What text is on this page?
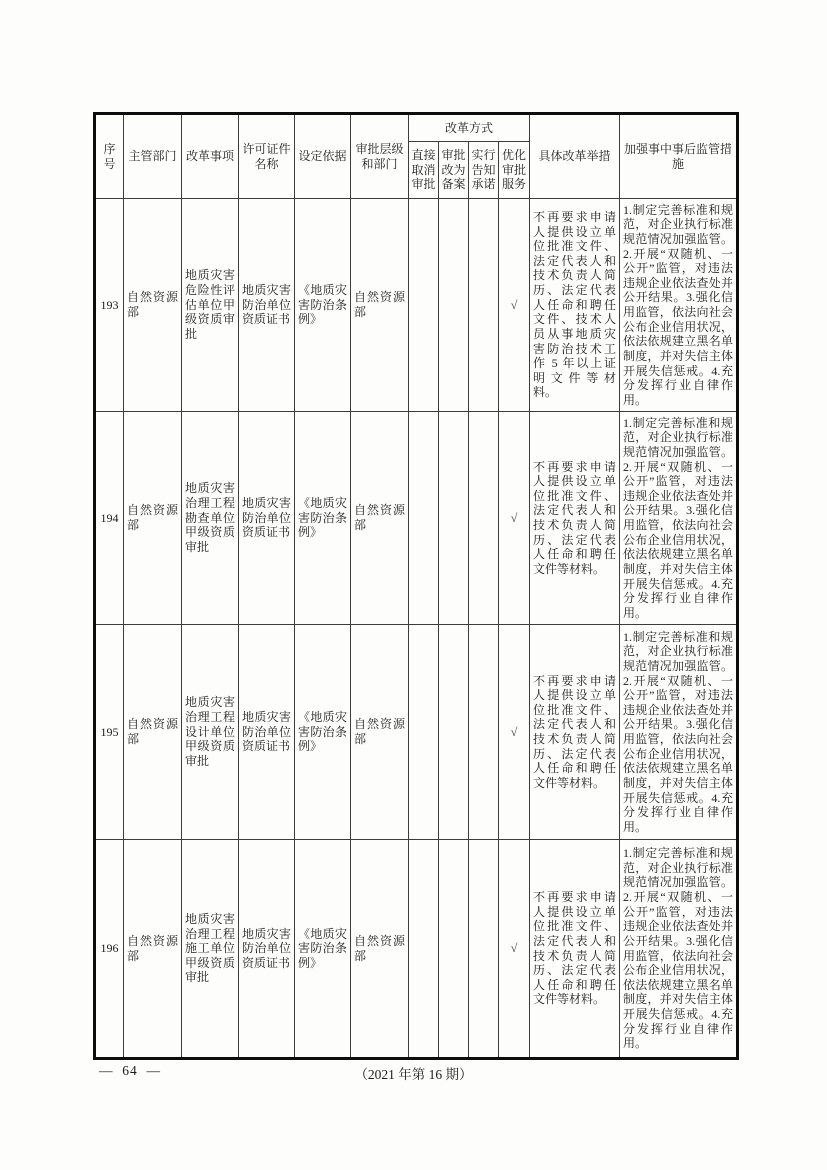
序号	主管部门	改革事项	许可证件名称	设定依据	审批层级和部门	改革方式				具体改革举措	加强事中事后监管措施
						直接取消审批	审批改为备案	实行告知承诺	优化审批服务		
193	自然资源部	地质灾害危险性评估单位甲级资质审批	地质灾害防治单位资质证书	《地质灾害防治条例》	自然资源部				√	不再要求申请人提供设立单位批准文件、法定代表人和技术负责人简历、法定代表人任命和聘任文件、技术人员从事地质灾害防治技术工作 5 年以上证明文件等材料。	1.制定完善标准和规范，对企业执行标准规范情况加强监管。2.开展“双随机、一公开”监管，对违法违规企业依法查处并公开结果。3.强化信用监管，依法向社会公布企业信用状况，依法依规建立黑名单制度，并对失信主体开展失信惩戒。4.充分发挥行业自律作用。
194	自然资源部	地质灾害治理工程勘查单位甲级资质审批	地质灾害防治单位资质证书	《地质灾害防治条例》	自然资源部				√	不再要求申请人提供设立单位批准文件、法定代表人和技术负责人简历、法定代表人任命和聘任文件等材料。	1.制定完善标准和规范，对企业执行标准规范情况加强监管。2.开展“双随机、一公开”监管，对违法违规企业依法查处并公开结果。3.强化信用监管，依法向社会公布企业信用状况，依法依规建立黑名单制度，并对失信主体开展失信惩戒。4.充分发挥行业自律作用。
195	自然资源部	地质灾害治理工程设计单位甲级资质审批	地质灾害防治单位资质证书	《地质灾害防治条例》	自然资源部				√	不再要求申请人提供设立单位批准文件、法定代表人和技术负责人简历、法定代表人任命和聘任文件等材料。	1.制定完善标准和规范，对企业执行标准规范情况加强监管。2.开展“双随机、一公开”监管，对违法违规企业依法查处并公开结果。3.强化信用监管，依法向社会公布企业信用状况，依法依规建立黑名单制度，并对失信主体开展失信惩戒。4.充分发挥行业自律作用。
196	自然资源部	地质灾害治理工程施工单位甲级资质审批	地质灾害防治单位资质证书	《地质灾害防治条例》	自然资源部				√	不再要求申请人提供设立单位批准文件、法定代表人和技术负责人简历、法定代表人任命和聘任文件等材料。	1.制定完善标准和规范，对企业执行标准规范情况加强监管。2.开展“双随机、一公开”监管，对违法违规企业依法查处并公开结果。3.强化信用监管，依法向社会公布企业信用状况，依法依规建立黑名单制度，并对失信主体开展失信惩戒。4.充分发挥行业自律作用。
—  64  —	（2021 年第 16 期）
